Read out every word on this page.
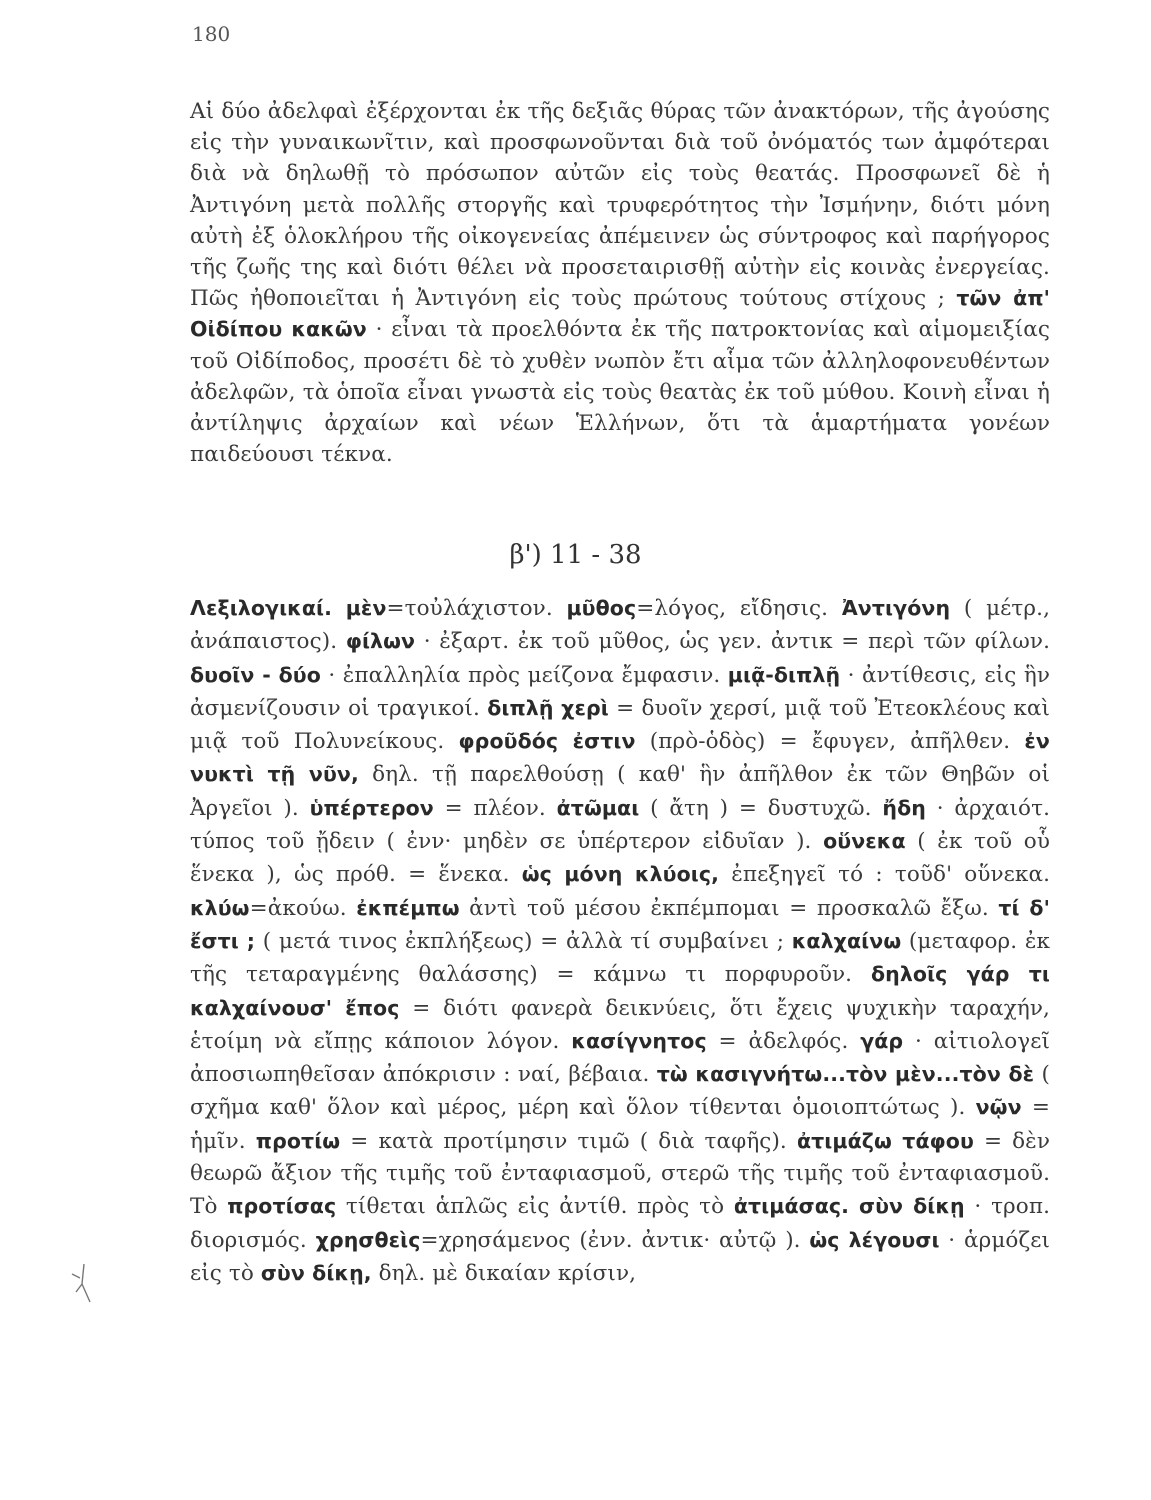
180
Αἱ δύο ἀδελφαὶ ἐξέρχονται ἐκ τῆς δεξιᾶς θύρας τῶν ἀνακτόρων, τῆς ἀγούσης εἰς τὴν γυναικωνῖτιν, καὶ προσφωνοῦνται διὰ τοῦ ὀνόματός των ἀμφότεραι διὰ νὰ δηλωθῇ τὸ πρόσωπον αὐτῶν εἰς τοὺς θεατάς. Προσφωνεῖ δὲ ἡ Ἀντιγόνη μετὰ πολλῆς στοργῆς καὶ τρυφερότητος τὴν Ἰσμήνην, διότι μόνη αὐτὴ ἐξ ὁλοκλήρου τῆς οἰκογενείας ἀπέμεινεν ὡς σύντροφος καὶ παρήγορος τῆς ζωῆς της καὶ διότι θέλει νὰ προσεταιρισθῇ αὐτὴν εἰς κοινὰς ἐνεργείας. Πῶς ἠθοποιεῖται ἡ Ἀντιγόνη εἰς τοὺς πρώτους τούτους στίχους ; τῶν ἀπ' Οἰδίπου κακῶν · εἶναι τὰ προελθόντα ἐκ τῆς πατροκτονίας καὶ αἱμομειξίας τοῦ Οἰδίποδος, προσέτι δὲ τὸ χυθὲν νωπὸν ἔτι αἷμα τῶν ἀλληλοφονευθέντων ἀδελφῶν, τὰ ὁποῖα εἶναι γνωστὰ εἰς τοὺς θεατὰς ἐκ τοῦ μύθου. Κοινὴ εἶναι ἡ ἀντίληψις ἀρχαίων καὶ νέων Ἑλλήνων, ὅτι τὰ ἁμαρτήματα γονέων παιδεύουσι τέκνα.
β') 11 - 38
Λεξιλογικαί. μὲν=τοὐλάχιστον. μῦθος=λόγος, εἴδησις. Ἀντιγόνη ( μέτρ., ἀνάπαιστος). φίλων · ἐξαρτ. ἐκ τοῦ μῦθος, ὡς γεν. ἀντικ = περὶ τῶν φίλων. δυοῖν - δύο · ἐπαλληλία πρὸς μείζονα ἔμφασιν. μιᾷ-διπλῇ · ἀντίθεσις, εἰς ἣν ἀσμενίζουσιν οἱ τραγικοί. διπλῇ χερὶ = δυοῖν χερσί, μιᾷ τοῦ Ἐτεοκλέους καὶ μιᾷ τοῦ Πολυνείκους. φροῦδός ἐστιν (πρὸ-ὁδὸς) = ἔφυγεν, ἀπῆλθεν. ἐν νυκτὶ τῇ νῦν, δηλ. τῇ παρελθούσῃ ( καθ' ἣν ἀπῆλθον ἐκ τῶν Θηβῶν οἱ Ἀργεῖοι ). ὑπέρτερον = πλέον. ἀτῶμαι ( ἄτη ) = δυστυχῶ. ἤδη · ἀρχαιότ. τύπος τοῦ ᾔδειν ( ἐνν· μηδὲν σε ὑπέρτερον εἰδυῖαν ). οὕνεκα ( ἐκ τοῦ οὗ ἕνεκα ), ὡς πρόθ. = ἕνεκα. ὡς μόνη κλύοις, ἐπεξηγεῖ τό : τοῦδ' οὕνεκα. κλύω=ἀκούω. ἐκπέμπω ἀντὶ τοῦ μέσου ἐκπέμπομαι = προσκαλῶ ἔξω. τί δ' ἔστι ; ( μετά τινος ἐκπλήξεως) = ἀλλὰ τί συμβαίνει ; καλχαίνω (μεταφορ. ἐκ τῆς τεταραγμένης θαλάσσης) = κάμνω τι πορφυροῦν. δηλοῖς γάρ τι καλχαίνουσ' ἔπος = διότι φανερὰ δεικνύεις, ὅτι ἔχεις ψυχικὴν ταραχήν, ἑτοίμη νὰ εἴπῃς κάποιον λόγον. κασίγνητος = ἀδελφός. γάρ · αἰτιολογεῖ ἀποσιωπηθεῖσαν ἀπόκρισιν : ναί, βέβαια. τὼ κασιγνήτω...τὸν μὲν...τὸν δὲ ( σχῆμα καθ' ὅλον καὶ μέρος, μέρη καὶ ὅλον τίθενται ὁμοιοπτώτως ). νῷν = ἡμῖν. προτίω = κατὰ προτίμησιν τιμῶ ( διὰ ταφῆς). ἀτιμάζω τάφου = δὲν θεωρῶ ἄξιον τῆς τιμῆς τοῦ ἐνταφιασμοῦ, στερῶ τῆς τιμῆς τοῦ ἐνταφιασμοῦ. Τὸ προτίσας τίθεται ἁπλῶς εἰς ἀντίθ. πρὸς τὸ ἀτιμάσας. σὺν δίκῃ · τροπ. διορισμός. χρησθεὶς=χρησάμενος (ἐνν. ἀντικ· αὐτῷ ). ὡς λέγουσι · ἁρμόζει εἰς τὸ σὺν δίκῃ, δηλ. μὲ δικαίαν κρίσιν,
